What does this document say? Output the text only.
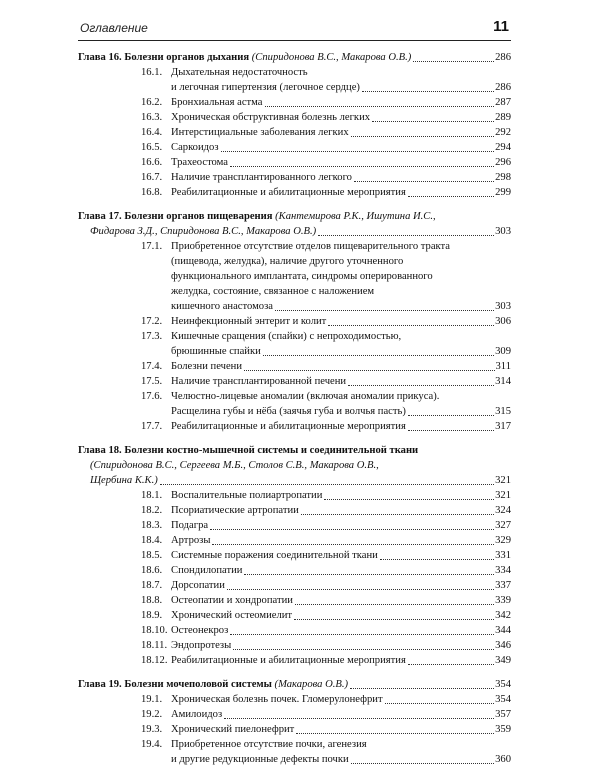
Оглавление	11
Глава 16. Болезни органов дыхания (Спиридонова В.С., Макарова О.В.)	286
16.1. Дыхательная недостаточность
и легочная гипертензия (легочное сердце)	286
16.2. Бронхиальная астма	287
16.3. Хроническая обструктивная болезнь легких	289
16.4. Интерстициальные заболевания легких	292
16.5. Саркоидоз	294
16.6. Трахеостома	296
16.7. Наличие трансплантированного легкого	298
16.8. Реабилитационные и абилитационные мероприятия	299
Глава 17. Болезни органов пищеварения (Кантемирова Р.К., Ишутина И.С.,
Фидарова З.Д., Спиридонова В.С., Макарова О.В.)	303
17.1. Приобретенное отсутствие отделов пищеварительного тракта
(пищевода, желудка), наличие другого уточненного
функционального имплантата, синдромы оперированного
желудка, состояние, связанное с наложением
кишечного анастомоза	303
17.2. Неинфекционный энтерит и колит	306
17.3. Кишечные сращения (спайки) с непроходимостью,
брюшинные спайки	309
17.4. Болезни печени	311
17.5. Наличие трансплантированной печени	314
17.6. Челюстно-лицевые аномалии (включая аномалии прикуса).
Расщелина губы и нёба (заячья губа и волчья пасть)	315
17.7. Реабилитационные и абилитационные мероприятия	317
Глава 18. Болезни костно-мышечной системы и соединительной ткани
(Спиридонова В.С., Сергеева М.Б., Столов С.В., Макарова О.В.,
Щербина К.К.)	321
18.1. Воспалительные полиартропатии	321
18.2. Псориатические артропатии	324
18.3. Подагра	327
18.4. Артрозы	329
18.5. Системные поражения соединительной ткани	331
18.6. Спондилопатии	334
18.7. Дорсопатии	337
18.8. Остеопатии и хондропатии	339
18.9. Хронический остеомиелит	342
18.10. Остеонекроз	344
18.11. Эндопротезы	346
18.12. Реабилитационные и абилитационные мероприятия	349
Глава 19. Болезни мочеполовой системы (Макарова О.В.)	354
19.1. Хроническая болезнь почек. Гломерулонефрит	354
19.2. Амилоидоз	357
19.3. Хронический пиелонефрит	359
19.4. Приобретенное отсутствие почки, агенезия
и другие редукционные дефекты почки	360
